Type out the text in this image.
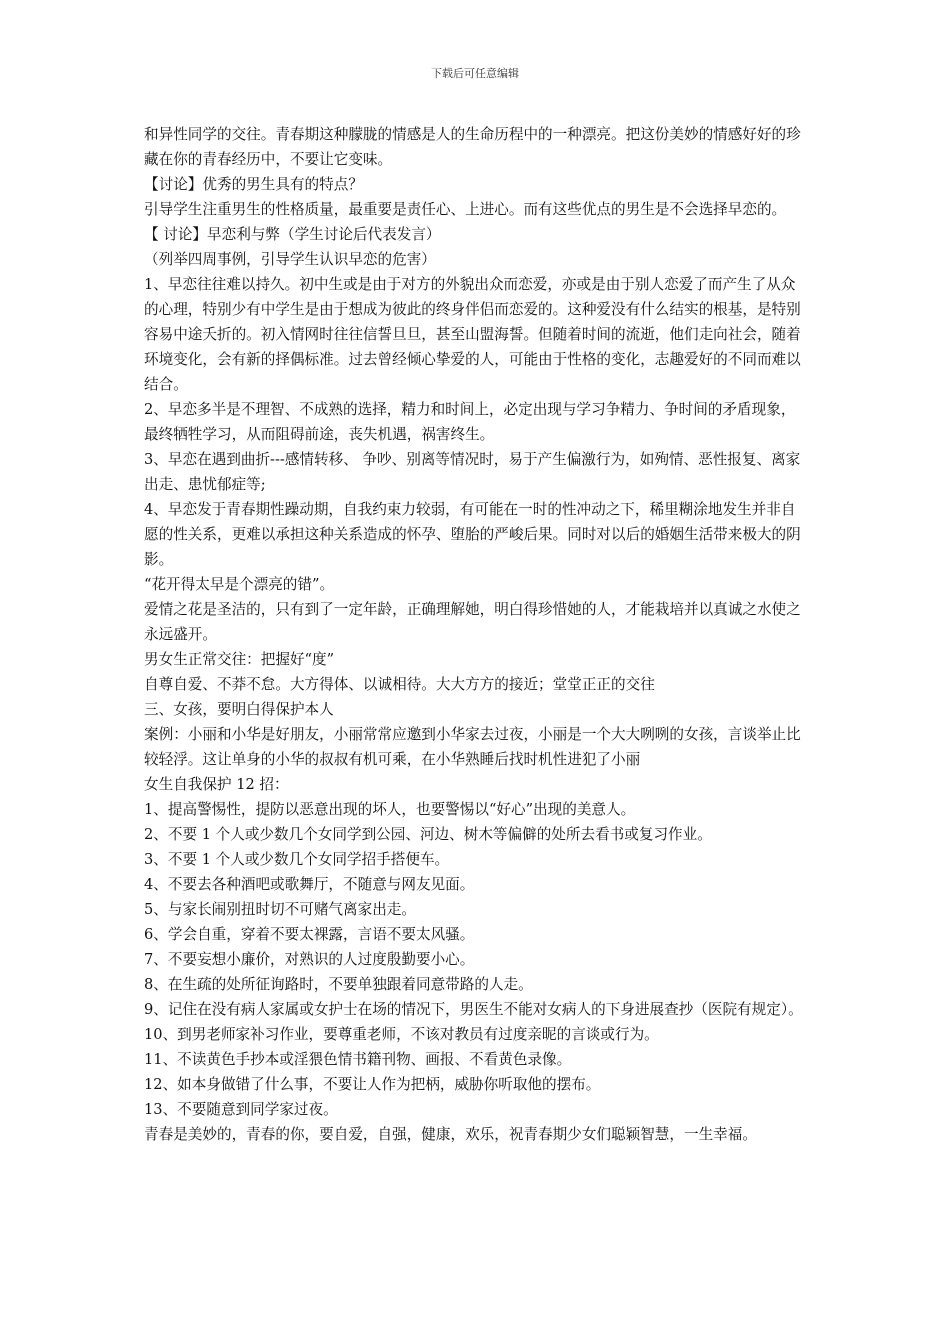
下载后可任意编辑

和异性同学的交往。青春期这种朦胧的情感是人的生命历程中的一种漂亮。把这份美妙的情感好好的珍藏在你的青春经历中，不要让它变味。

【讨论】优秀的男生具有的特点？

引导学生注重男生的性格质量，最重要是责任心、上进心。而有这些优点的男生是不会选择早恋的。

【 讨论】早恋利与弊（学生讨论后代表发言）

（列举四周事例，引导学生认识早恋的危害）

1、早恋往往难以持久。初中生或是由于对方的外貌出众而恋爱，亦或是由于别人恋爱了而产生了从众的心理，特别少有中学生是由于想成为彼此的终身伴侣而恋爱的。这种爱没有什么结实的根基，是特别容易中途夭折的。初入情网时往往信誓旦旦，甚至山盟海誓。但随着时间的流逝，他们走向社会，随着环境变化，会有新的择偶标准。过去曾经倾心挚爱的人，可能由于性格的变化，志趣爱好的不同而难以结合。

2、早恋多半是不理智、不成熟的选择，精力和时间上，必定出现与学习争精力、争时间的矛盾现象，最终牺牲学习，从而阻碍前途，丧失机遇，祸害终生。

3、早恋在遇到曲折---感情转移、 争吵、别离等情况时，易于产生偏激行为，如殉情、恶性报复、离家出走、患忧郁症等;

4、早恋发于青春期性躁动期，自我约束力较弱，有可能在一时的性冲动之下，稀里糊涂地发生并非自愿的性关系，更难以承担这种关系造成的怀孕、堕胎的严峻后果。同时对以后的婚姻生活带来极大的阴影。

“花开得太早是个漂亮的错”。

爱情之花是圣洁的，只有到了一定年龄，正确理解她，明白得珍惜她的人，才能栽培并以真诚之水使之永远盛开。

男女生正常交往：把握好“度”

自尊自爱、不莽不怠。大方得体、以诚相待。大大方方的接近；堂堂正正的交往

三、女孩，要明白得保护本人

案例：小丽和小华是好朋友，小丽常常应邀到小华家去过夜，小丽是一个大大咧咧的女孩，言谈举止比较轻浮。这让单身的小华的叔叔有机可乘，在小华熟睡后找时机性进犯了小丽

女生自我保护 12 招：

1、提高警惕性，提防以恶意出现的坏人，也要警惕以“好心”出现的美意人。

2、不要 1 个人或少数几个女同学到公园、河边、树木等偏僻的处所去看书或复习作业。

3、不要 1 个人或少数几个女同学招手搭便车。

4、不要去各种酒吧或歌舞厅，不随意与网友见面。

5、与家长闹别扭时切不可赌气离家出走。

6、学会自重，穿着不要太裸露，言语不要太风骚。

7、不要妄想小廉价，对熟识的人过度殷勤要小心。

8、在生疏的处所征询路时，不要单独跟着同意带路的人走。

9、记住在没有病人家属或女护士在场的情况下，男医生不能对女病人的下身进展查抄（医院有规定）。

10、到男老师家补习作业，要尊重老师，不该对教员有过度亲昵的言谈或行为。

11、不读黄色手抄本或淫猥色情书籍刊物、画报、不看黄色录像。

12、如本身做错了什么事，不要让人作为把柄，威胁你听取他的摆布。

13、不要随意到同学家过夜。

青春是美妙的，青春的你，要自爱，自强，健康，欢乐，祝青春期少女们聪颖智慧，一生幸福。
